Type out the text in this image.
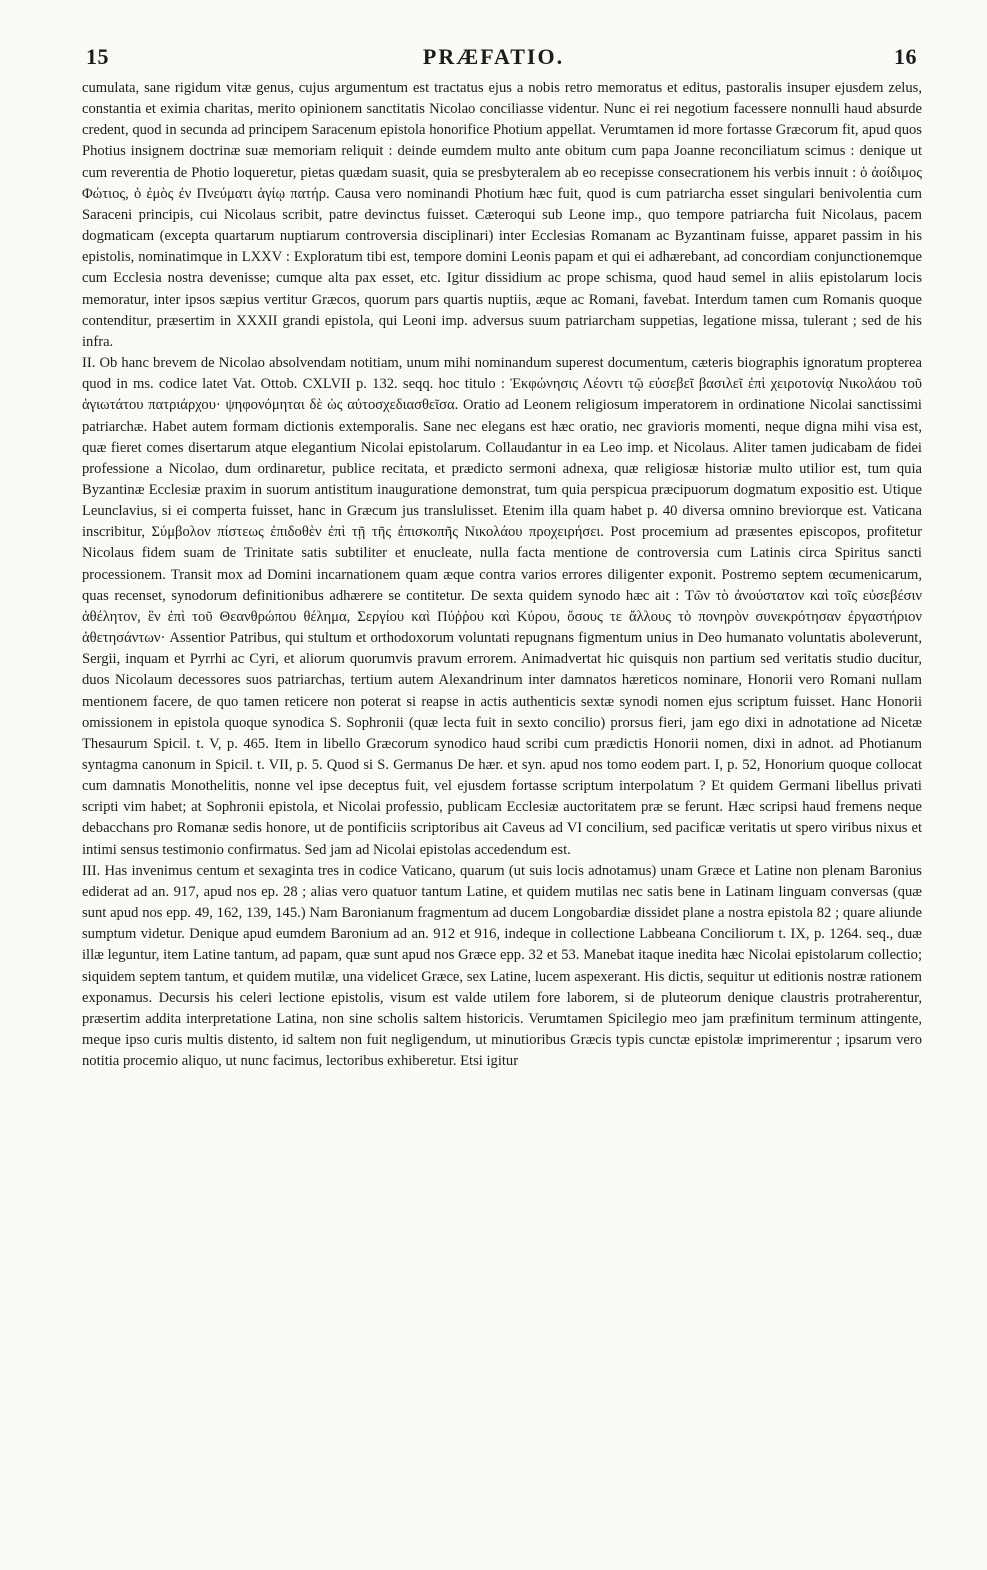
PRÆFATIO.
15	16

cumulata, sane rigidum vitæ genus, cujus argumentum est tractatus ejus a nobis retro memoratus et editus, pastoralis insuper ejusdem zelus, constantia et eximia charitas, merito opinionem sanctitatis Nicolao conciliasse videntur. Nunc ei rei negotium facessere nonnulli haud absurde credent, quod in secunda ad principem Saracenum epistola honorifice Photium appellat. Verumtamen id more fortasse Græcorum fit, apud quos Photius insignem doctrinæ suæ memoriam reliquit : deinde eumdem multo ante obitum cum papa Joanne reconciliatum scimus : denique ut cum reverentia de Photio loqueretur, pietas quædam suasit, quia se presbyteralem ab eo recepisse consecrationem his verbis innuit : ὁ ἀοίδιμος Φώτιος, ὁ ἐμὸς ἐν Πνεύματι ἁγίῳ πατήρ. Causa vero nominandi Photium hæc fuit, quod is cum patriarcha esset singulari benivolentia cum Saraceni principis, cui Nicolaus scribit, patre devinctus fuisset. Cæteroqui sub Leone imp., quo tempore patriarcha fuit Nicolaus, pacem dogmaticam (excepta quartarum nuptiarum controversia disciplinari) inter Ecclesias Romanam ac Byzantinam fuisse, apparet passim in his epistolis, nominatimque in LXXV : Exploratum tibi est, tempore domini Leonis papam et qui ei adhærebant, ad concordiam conjunctionemque cum Ecclesia nostra devenisse; cumque alta pax esset, etc. Igitur dissidium ac prope schisma, quod haud semel in aliis epistolarum locis memoratur, inter ipsos sæpius vertitur Græcos, quorum pars quartis nuptiis, æque ac Romani, favebat. Interdum tamen cum Romanis quoque contenditur, præsertim in XXXII grandi epistola, qui Leoni imp. adversus suum patriarcham suppetias, legatione missa, tulerant ; sed de his infra.

II. Ob hanc brevem de Nicolao absolvendam notitiam, unum mihi nominandum superest documentum, cæteris biographis ignoratum propterea quod in ms. codice latet Vat. Ottob. CXLVII p. 132. seqq. hoc titulo : Ἐκφώνησις Λέοντι τῷ εὐσεβεῖ βασιλεῖ ἐπὶ χειροτονίᾳ Νικολάου τοῦ ἁγιωτάτου πατριάρχου· ψηφονόμηται δὲ ὡς αὐτοσχεδιασθεῖσα. Oratio ad Leonem religiosum imperatorem in ordinatione Nicolai sanctissimi patriarchæ. Habet autem formam dictionis extemporalis. Sane nec elegans est hæc oratio, nec gravioris momenti, neque digna mihi visa est, quæ fieret comes disertarum atque elegantium Nicolai epistolarum. Collaudantur in ea Leo imp. et Nicolaus. Aliter tamen judicabam de fidei professione a Nicolao, dum ordinaretur, publice recitata, et prædicto sermoni adnexa, quæ religiosæ historiæ multo utilior est, tum quia Byzantinæ Ecclesiæ praxim in suorum antistitum inauguratione demonstrat, tum quia perspicua præcipuorum dogmatum expositio est. Utique Leunclavius, si ei comperta fuisset, hanc in Græcum jus translulisset. Etenim illa quam habet p. 40 diversa omnino breviorque est. Vaticana inscribitur, Σύμβολον πίστεως ἐπιδοθὲν ἐπὶ τῇ τῆς ἐπισκοπῆς Νικολάου προχειρήσει. Post procemium ad præsentes episcopos, profitetur Nicolaus fidem suam de Trinitate satis subtiliter et enucleate, nulla facta mentione de controversia cum Latinis circa Spiritus sancti processionem. Transit mox ad Domini incarnationem quam æque contra varios errores diligenter exponit. Postremo septem œcumenicarum, quas recenset, synodorum definitionibus adhærere se contitetur. De sexta quidem synodo hæc ait : Τῶν τὸ ἀνούστατον καὶ τοῖς εὐσεβέσιν ἀθέλητον, ἓν ἐπὶ τοῦ Θεανθρώπου θέλημα, Σεργίου καὶ Πύῤῥου καὶ Κύρου, ὅσους τε ἄλλους τὸ πονηρὸν συνεκρότησαν ἐργαστήριον ἀθετησάντων· Assentior Patribus, qui stultum et orthodoxorum voluntati repugnans figmentum unius in Deo humanato voluntatis aboleverunt, Sergii, inquam et Pyrrhi ac Cyri, et aliorum quorumvis pravum errorem. Animadvertat hic quisquis non partium sed veritatis studio ducitur, duos Nicolaum decessores suos patriarchas, tertium autem Alexandrinum inter damnatos hæreticos nominare, Honorii vero Romani nullam mentionem facere, de quo tamen reticere non poterat si reapse in actis authenticis sextæ synodi nomen ejus scriptum fuisset. Hanc Honorii omissionem in epistola quoque synodica S. Sophronii (quæ lecta fuit in sexto concilio) prorsus fieri, jam ego dixi in adnotatione ad Nicetæ Thesaurum Spicil. t. V, p. 465. Item in libello Græcorum synodico haud scribi cum prædictis Honorii nomen, dixi in adnot. ad Photianum syntagma canonum in Spicil. t. VII, p. 5. Quod si S. Germanus De hær. et syn. apud nos tomo eodem part. I, p. 52, Honorium quoque collocat cum damnatis Monothelitis, nonne vel ipse deceptus fuit, vel ejusdem fortasse scriptum interpolatum ? Et quidem Germani libellus privati scripti vim habet; at Sophronii epistola, et Nicolai professio, publicam Ecclesiæ auctoritatem præ se ferunt. Hæc scripsi haud fremens neque debacchans pro Romanæ sedis honore, ut de pontificiis scriptoribus ait Caveus ad VI concilium, sed pacificæ veritatis ut spero viribus nixus et intimi sensus testimonio confirmatus. Sed jam ad Nicolai epistolas accedendum est.

III. Has invenimus centum et sexaginta tres in codice Vaticano, quarum (ut suis locis adnotamus) unam Græce et Latine non plenam Baronius ediderat ad an. 917, apud nos ep. 28 ; alias vero quatuor tantum Latine, et quidem mutilas nec satis bene in Latinam linguam conversas (quæ sunt apud nos epp. 49, 162, 139, 145.) Nam Baronianum fragmentum ad ducem Longobardiæ dissidet plane a nostra epistola 82 ; quare aliunde sumptum videtur. Denique apud eumdem Baronium ad an. 912 et 916, indeque in collectione Labbeana Conciliorum t. IX, p. 1264. seq., duæ illæ leguntur, item Latine tantum, ad papam, quæ sunt apud nos Græce epp. 32 et 53. Manebat itaque inedita hæc Nicolai epistolarum collectio; siquidem septem tantum, et quidem mutilæ, una videlicet Græce, sex Latine, lucem aspexerant. His dictis, sequitur ut editionis nostræ rationem exponamus. Decursis his celeri lectione epistolis, visum est valde utilem fore laborem, si de pluteorum denique claustris protraherentur, præsertim addita interpretatione Latina, non sine scholis saltem historicis. Verumtamen Spicilegio meo jam præfinitum terminum attingente, meque ipso curis multis distento, id saltem non fuit negligendum, ut minutioribus Græcis typis cunctæ epistolæ imprimerentur ; ipsarum vero notitia procemio aliquo, ut nunc facimus, lectoribus exhiberetur. Etsi igitur
